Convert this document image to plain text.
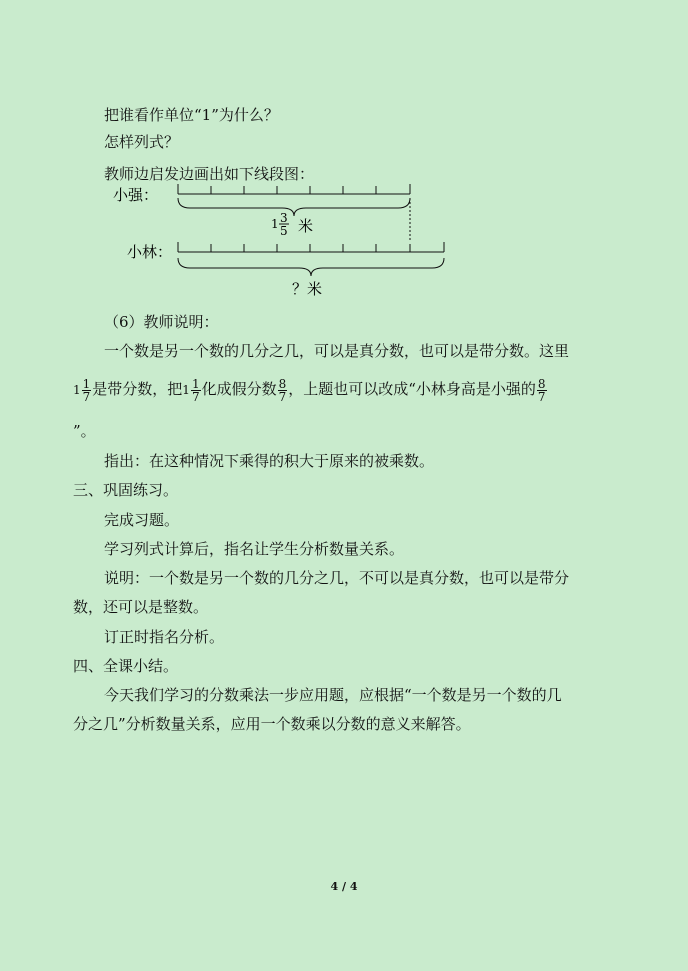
把谁看作单位“1”为什么？
怎样列式？
教师边启发边画出如下线段图：
小强：
1 3
5 米
小林：
？米
（6）教师说明：
一个数是另一个数的几分之几，可以是真分数，也可以是带分数。这里
$1 \frac{1}{7}$ 是带分数，把$1 \frac{1}{7}$ 化成假分数 $\frac{8}{7}$ ，上题也可以改成“小林身高是小强的 $\frac{8}{7}$
”。
指出：在这种情况下乘得的积大于原来的被乘数。
三、巩固练习。
完成习题。
学习列式计算后，指名让学生分析数量关系。
说明：一个数是另一个数的几分之几，不可以是真分数，也可以是带分
数，还可以是整数。
订正时指名分析。
四、全课小结。
今天我们学习的分数乘法一步应用题，应根据“一个数是另一个数的几
分之几”分析数量关系，应用一个数乘以分数的意义来解答。
4 / 4
